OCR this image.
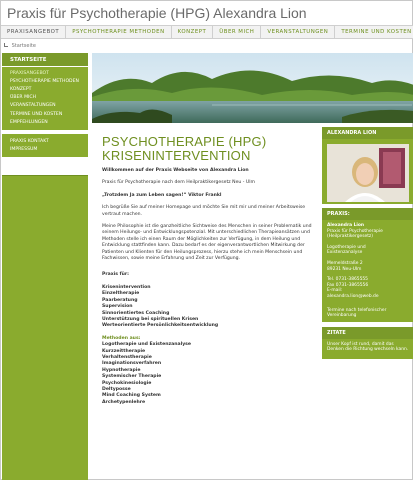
Praxis für Psychotherapie (HPG) Alexandra Lion
PRAXISANGEBOT	PSYCHOTHERAPIE METHODEN	KONZEPT	ÜBER MICH	VERANSTALTUNGEN	TERMINE UND KOSTEN
Startseite
STARTSEITE
PRAXISANGEBOT
PSYCHOTHERAPIE METHODEN
KONZEPT
ÜBER MICH
VERANSTALTUNGEN
TERMINE UND KOSTEN
EMPFEHLUNGEN
PRAXIS KONTAKT
IMPRESSUM
PSYCHOTHERAPIE (HPG)
KRISENINTERVENTION
Willkommen auf der Praxis Webseite von Alexandra Lion
Praxis für Psychotherapie nach dem Heilpraktikergesetz Neu - Ulm
„Trotzdem Ja zum Leben sagen!“ Viktor Frankl
Ich begrüße Sie auf meiner Homepage und möchte Sie mit mir und meiner Arbeitsweise vertraut machen.
Meine Philosophie ist die ganzheitliche Sichtweise des Menschen in seiner Problematik und seinem Heilungs- und Entwicklungspotenzial. Mit unterschiedlichen Therapieansätzen und Methoden stelle ich einen Raum der Möglichkeiten zur Verfügung, in dem Heilung und Entwicklung stattfinden kann. Dazu bedarf es der eigenverantwortlichen Mitwirkung der Patienten und Klienten für den Heilungsprozess, hierzu stehe ich mein Menschsein und Fachwissen, sowie meine Erfahrung und Zeit zur Verfügung.
Praxis für:
Krisenintervention
Einzeltherapie
Paarberatung
Supervision
Sinnorientiertes Coaching
Unterstützung bei spirituellen Krisen
Werteorientierte Persönlichkeitsentwicklung
Methoden aus:
Logotherapie und Existenzanalyse
Kurzzeittherapie
Verhaltenstherapie
Imaginationsverfahren
Hypnotherapie
Systemischer Therapie
Psychokinesiologie
Deltyposse
Mind Coaching System
Archetypenlehre
ALEXANDRA LION
PRAXIS:
Alexandra Lion
Praxis für Psychotherapie
(Heilpraktikergesetz)
Logotherapie und
Existenzanalyse
Memeldstraße 2
89231 Neu-Ulm
Tel. 0731-3865555
Fax 0731-3865556
E-mail:
alexandra.lion@web.de
Termine nach telefonischer Vereinbarung
ZITATE
Unser Kopf ist rund, damit das Denken die Richtung wechseln kann.
